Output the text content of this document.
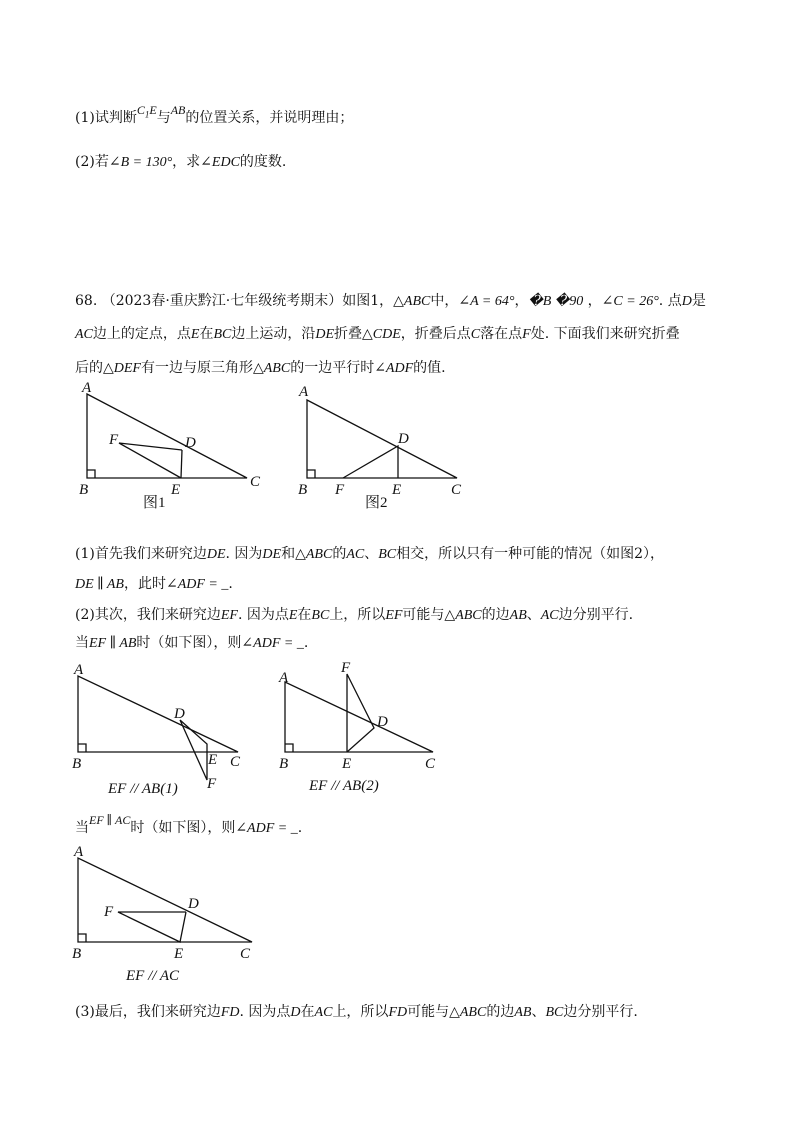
(1)试判断$C_1E$与AB的位置关系，并说明理由；
(2)若∠B = 130°，求∠EDC的度数.
68. （2023春·重庆黔江·七年级统考期末）如图1，△ABC中，∠A = 64°，�B �90 ，∠C = 26°. 点D是
AC边上的定点，点E在BC边上运动，沿DE折叠△CDE，折叠后点C落在点F处. 下面我们来研究折叠
后的△DEF有一边与原三角形△ABC的一边平行时∠ADF的值.
A
F	D
B	E	C
图1
A
D
B F	E	C
图2
(1)首先我们来研究边DE. 因为DE和△ABC的AC、BC相交，所以只有一种可能的情况（如图2），
DE ∥ AB，此时∠ADF = _.
(2)其次，我们来研究边EF. 因为点E在BC上，所以EF可能与△ABC的边AB、AC边分别平行.
当EF ∥ AB时（如下图），则∠ADF = _.
A
D
B	E C
F
EF // AB(1)
A
F
D
B	E	C
EF // AB(2)
当EF ∥ AC时（如下图），则∠ADF = _.
A
F	D
B	E	C
EF // AC
(3)最后，我们来研究边FD. 因为点D在AC上，所以FD可能与△ABC的边AB、BC边分别平行.
